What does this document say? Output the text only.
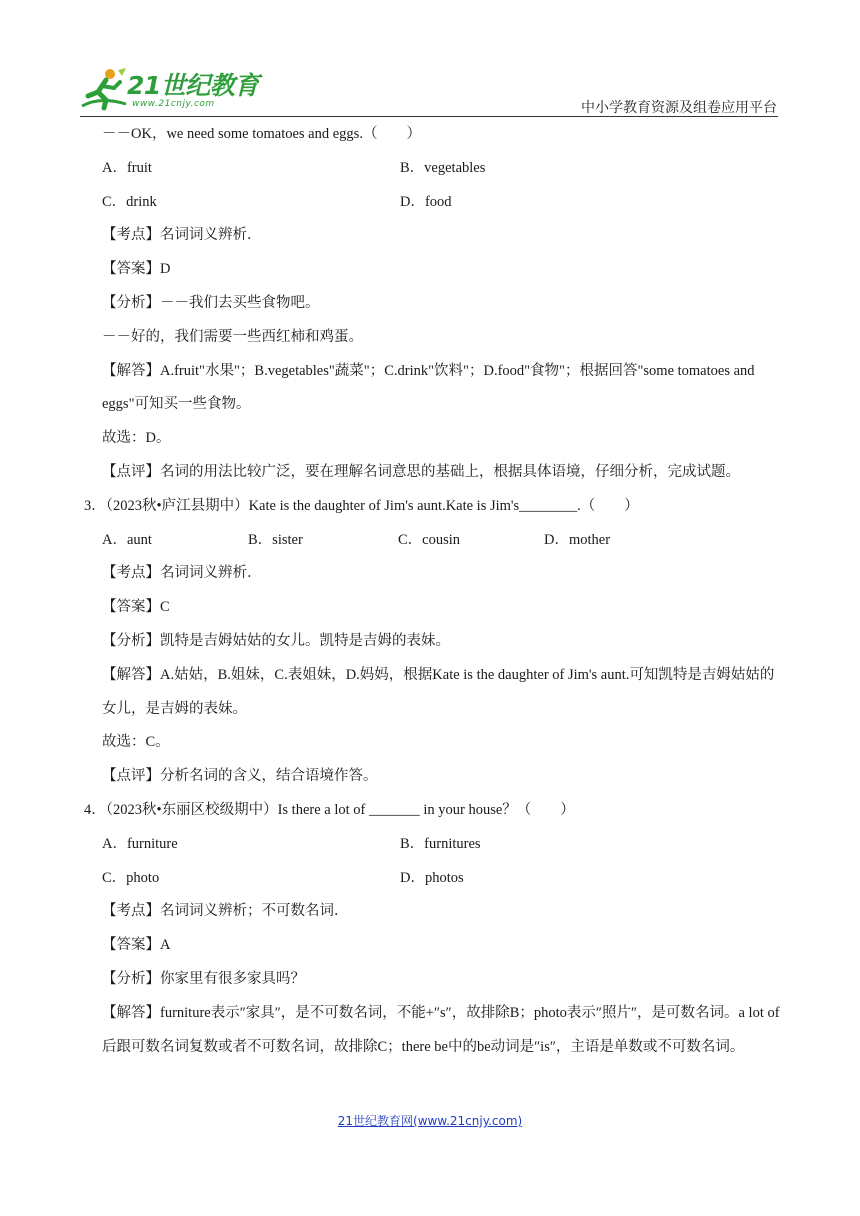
21世纪教育
www.21cnjy.com	中小学教育资源及组卷应用平台
－－OK，we need some tomatoes and eggs.（　　）
A．fruit	B．vegetables
C．drink	D．food
【考点】名词词义辨析．
【答案】D
【分析】－－我们去买些食物吧。
－－好的，我们需要一些西红柿和鸡蛋。
【解答】A.fruit"水果"；B.vegetables"蔬菜"；C.drink"饮料"；D.food"食物"；根据回答"some tomatoes and eggs"可知买一些食物。
故选：D。
【点评】名词的用法比较广泛，要在理解名词意思的基础上，根据具体语境，仔细分析，完成试题。
3．（2023秋•庐江县期中）Kate is the daughter of Jim's aunt.Kate is Jim's________.（　　）
A．aunt	B．sister	C．cousin	D．mother
【考点】名词词义辨析．
【答案】C
【分析】凯特是吉姆姑姑的女儿。凯特是吉姆的表妹。
【解答】A.姑姑，B.姐妹，C.表姐妹，D.妈妈，根据Kate is the daughter of Jim's aunt.可知凯特是吉姆姑姑的女儿，是吉姆的表妹。
故选：C。
【点评】分析名词的含义，结合语境作答。
4．（2023秋•东丽区校级期中）Is there a lot of _______ in your house？（　　）
A．furniture	B．furnitures
C．photo	D．photos
【考点】名词词义辨析；不可数名词．
【答案】A
【分析】你家里有很多家具吗？
【解答】furniture表示″家具″，是不可数名词，不能+″s″，故排除B；photo表示″照片″，是可数名词。a lot of后跟可数名词复数或者不可数名词，故排除C；there be中的be动词是″is″，主语是单数或不可数名词。
21世纪教育网(www.21cnjy.com)
